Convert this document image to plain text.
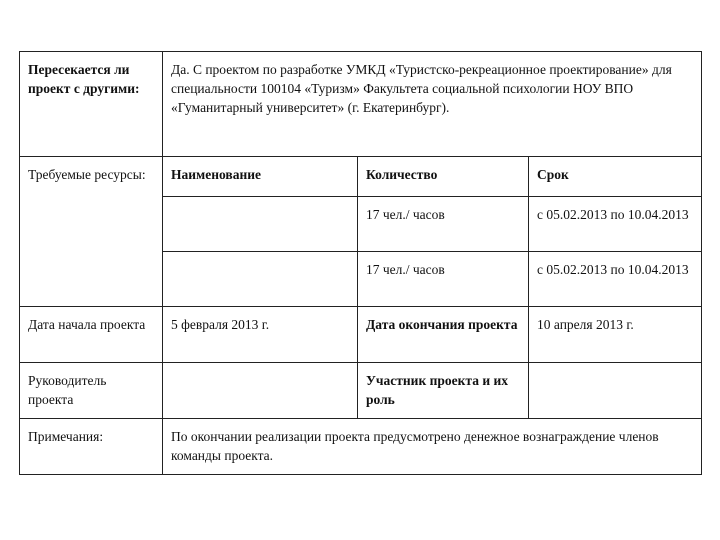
Пересекается ли проект с другими:	Да. С проектом по разработке УМКД «Туристско-рекреационное проектирование» для специальности 100104 «Туризм» Факультета социальной психологии НОУ ВПО «Гуманитарный университет» (г. Екатеринбург).		
Требуемые ресурсы:	Наименование	Количество	Срок
		17 чел./ часов	с 05.02.2013 по 10.04.2013
		17 чел./ часов	с 05.02.2013 по 10.04.2013
Дата начала проекта	5 февраля 2013 г.	Дата окончания проекта	10 апреля 2013 г.
Руководитель проекта		Участник проекта и их роль	
Примечания:	По окончании реализации проекта предусмотрено денежное вознаграждение членов команды проекта.		
